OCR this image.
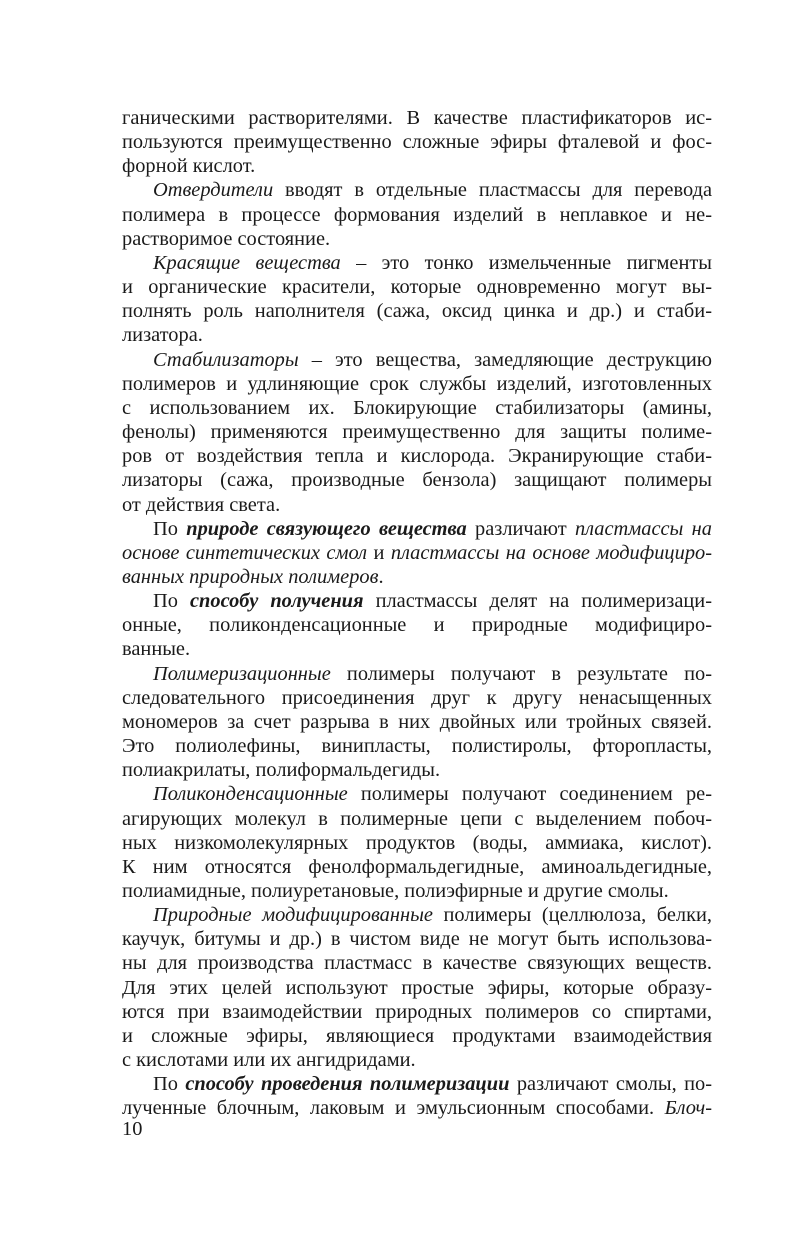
ганическими растворителями. В качестве пластификаторов ис-
пользуются преимущественно сложные эфиры фталевой и фос-
форной кислот.
Отвердители вводят в отдельные пластмассы для перевода
полимера в процессе формования изделий в неплавкое и не-
растворимое состояние.
Красящие вещества – это тонко измельченные пигменты
и органические красители, которые одновременно могут вы-
полнять роль наполнителя (сажа, оксид цинка и др.) и стаби-
лизатора.
Стабилизаторы – это вещества, замедляющие деструкцию
полимеров и удлиняющие срок службы изделий, изготовленных
с использованием их. Блокирующие стабилизаторы (амины,
фенолы) применяются преимущественно для защиты полиме-
ров от воздействия тепла и кислорода. Экранирующие стаби-
лизаторы (сажа, производные бензола) защищают полимеры
от действия света.
По природе связующего вещества различают пластмассы на
основе синтетических смол и пластмассы на основе модифициро-
ванных природных полимеров.
По способу получения пластмассы делят на полимеризаци-
онные, поликонденсационные и природные модифициро-
ванные.
Полимеризационные полимеры получают в результате по-
следовательного присоединения друг к другу ненасыщенных
мономеров за счет разрыва в них двойных или тройных связей.
Это полиолефины, винипласты, полистиролы, фторопласты,
полиакрилаты, полиформальдегиды.
Поликонденсационные полимеры получают соединением ре-
агирующих молекул в полимерные цепи с выделением побоч-
ных низкомолекулярных продуктов (воды, аммиака, кислот).
К ним относятся фенолформальдегидные, аминоальдегидные,
полиамидные, полиуретановые, полиэфирные и другие смолы.
Природные модифицированные полимеры (целлюлоза, белки,
каучук, битумы и др.) в чистом виде не могут быть использова-
ны для производства пластмасс в качестве связующих веществ.
Для этих целей используют простые эфиры, которые образу-
ются при взаимодействии природных полимеров со спиртами,
и сложные эфиры, являющиеся продуктами взаимодействия
с кислотами или их ангидридами.
По способу проведения полимеризации различают смолы, по-
лученные блочным, лаковым и эмульсионным способами. Блоч-
10
